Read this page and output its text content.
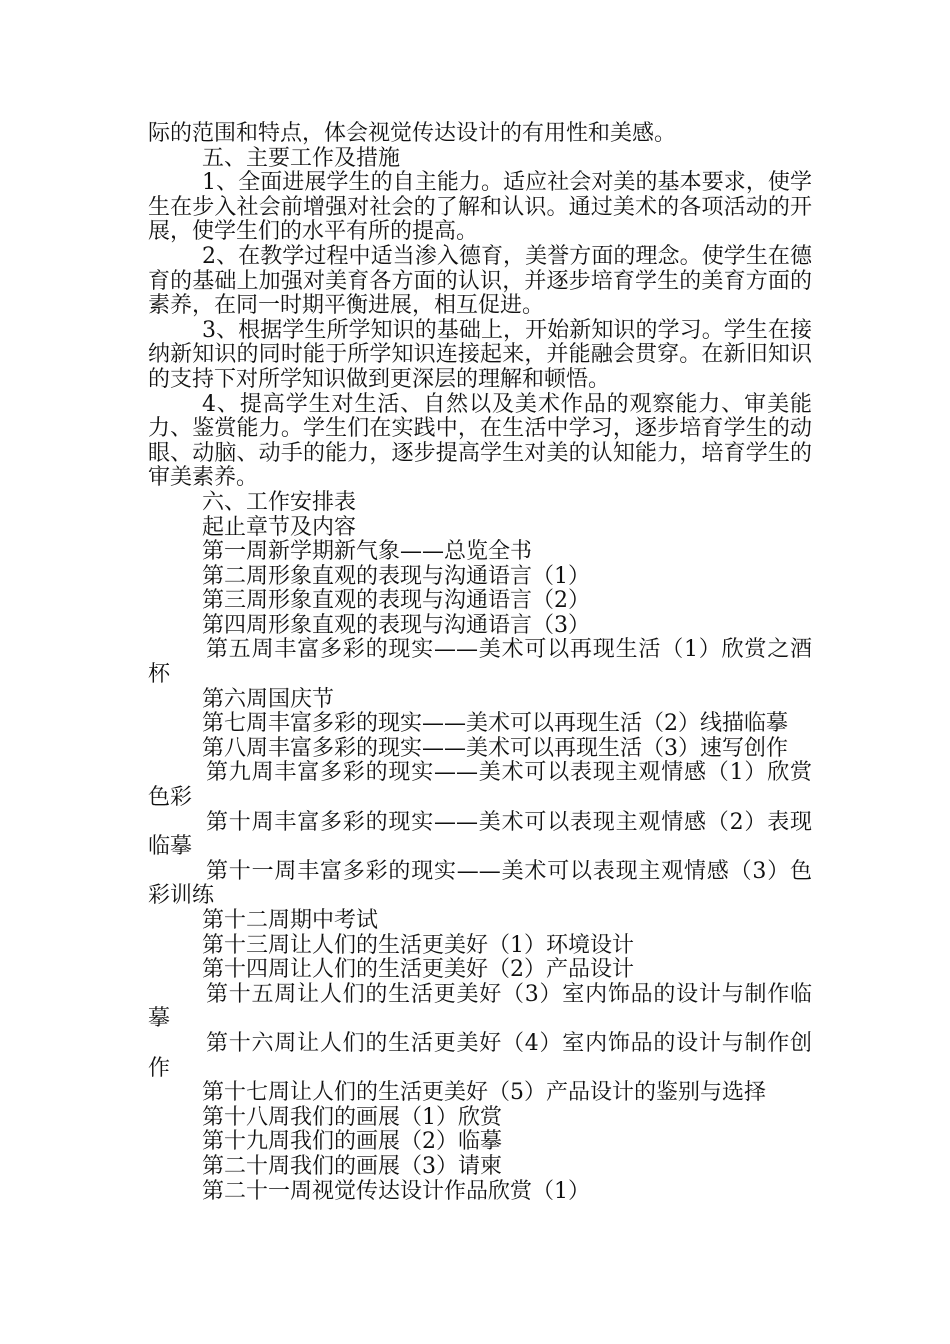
际的范围和特点，体会视觉传达设计的有用性和美感。

五、主要工作及措施

1、全面进展学生的自主能力。适应社会对美的基本要求，使学生在步入社会前增强对社会的了解和认识。通过美术的各项活动的开展，使学生们的水平有所的提高。

2、在教学过程中适当渗入德育，美誉方面的理念。使学生在德育的基础上加强对美育各方面的认识，并逐步培育学生的美育方面的素养，在同一时期平衡进展，相互促进。

3、根据学生所学知识的基础上，开始新知识的学习。学生在接纳新知识的同时能于所学知识连接起来，并能融会贯穿。在新旧知识的支持下对所学知识做到更深层的理解和顿悟。

4、提高学生对生活、自然以及美术作品的观察能力、审美能力、鉴赏能力。学生们在实践中，在生活中学习，逐步培育学生的动眼、动脑、动手的能力，逐步提高学生对美的认知能力，培育学生的审美素养。

六、工作安排表

起止章节及内容

第一周新学期新气象——总览全书

第二周形象直观的表现与沟通语言（1）

第三周形象直观的表现与沟通语言（2）

第四周形象直观的表现与沟通语言（3）

第五周丰富多彩的现实——美术可以再现生活（1）欣赏之酒杯

第六周国庆节

第七周丰富多彩的现实——美术可以再现生活（2）线描临摹

第八周丰富多彩的现实——美术可以再现生活（3）速写创作

第九周丰富多彩的现实——美术可以表现主观情感（1）欣赏色彩

第十周丰富多彩的现实——美术可以表现主观情感（2）表现临摹

第十一周丰富多彩的现实——美术可以表现主观情感（3）色彩训练

第十二周期中考试

第十三周让人们的生活更美好（1）环境设计

第十四周让人们的生活更美好（2）产品设计

第十五周让人们的生活更美好（3）室内饰品的设计与制作临摹

第十六周让人们的生活更美好（4）室内饰品的设计与制作创作

第十七周让人们的生活更美好（5）产品设计的鉴别与选择

第十八周我们的画展（1）欣赏

第十九周我们的画展（2）临摹

第二十周我们的画展（3）请柬

第二十一周视觉传达设计作品欣赏（1）
